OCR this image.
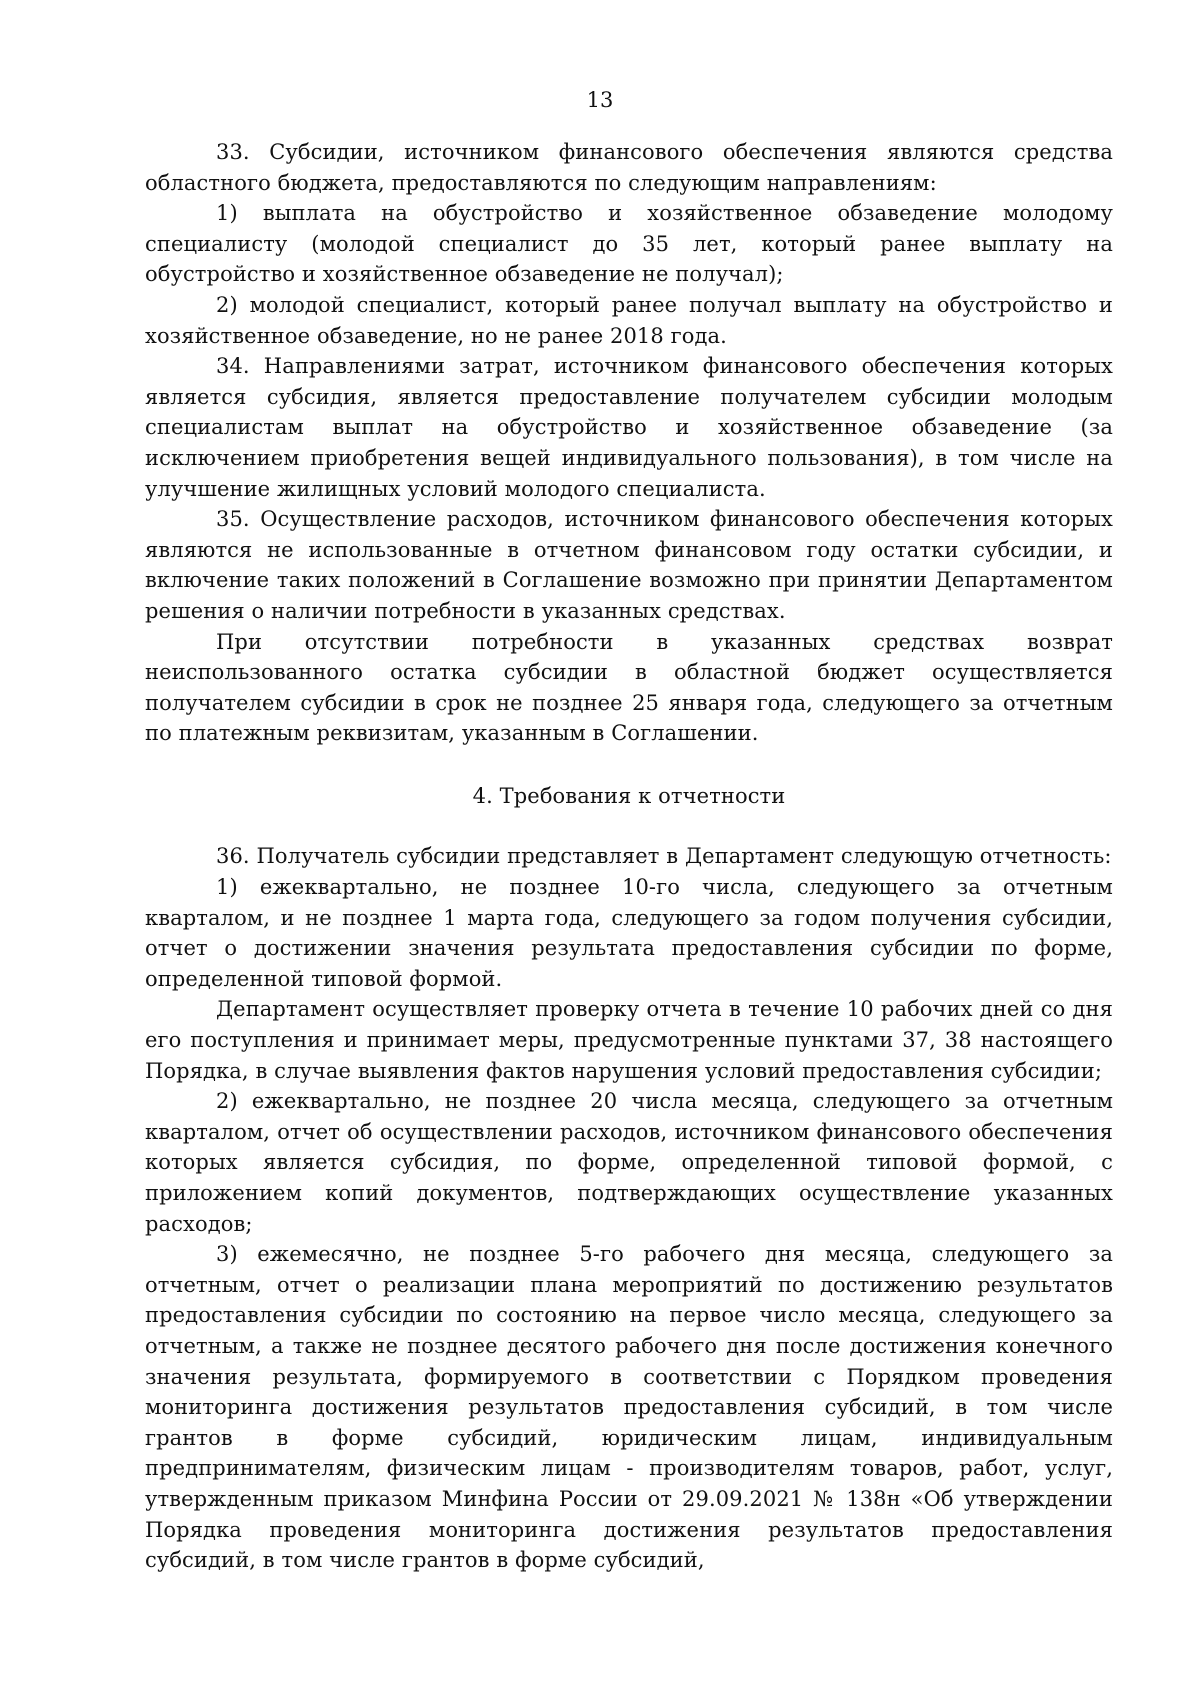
13

33. Субсидии, источником финансового обеспечения являются средства областного бюджета, предоставляются по следующим направлениям:

1) выплата на обустройство и хозяйственное обзаведение молодому специалисту (молодой специалист до 35 лет, который ранее выплату на обустройство и хозяйственное обзаведение не получал);

2) молодой специалист, который ранее получал выплату на обустройство и хозяйственное обзаведение, но не ранее 2018 года.

34. Направлениями затрат, источником финансового обеспечения которых является субсидия, является предоставление получателем субсидии молодым специалистам выплат на обустройство и хозяйственное обзаведение (за исключением приобретения вещей индивидуального пользования), в том числе на улучшение жилищных условий молодого специалиста.

35. Осуществление расходов, источником финансового обеспечения которых являются не использованные в отчетном финансовом году остатки субсидии, и включение таких положений в Соглашение возможно при принятии Департаментом решения о наличии потребности в указанных средствах.

При отсутствии потребности в указанных средствах возврат неиспользованного остатка субсидии в областной бюджет осуществляется получателем субсидии в срок не позднее 25 января года, следующего за отчетным по платежным реквизитам, указанным в Соглашении.

4. Требования к отчетности

36. Получатель субсидии представляет в Департамент следующую отчетность:

1) ежеквартально, не позднее 10-го числа, следующего за отчетным кварталом, и не позднее 1 марта года, следующего за годом получения субсидии, отчет о достижении значения результата предоставления субсидии по форме, определенной типовой формой.

Департамент осуществляет проверку отчета в течение 10 рабочих дней со дня его поступления и принимает меры, предусмотренные пунктами 37, 38 настоящего Порядка, в случае выявления фактов нарушения условий предоставления субсидии;

2) ежеквартально, не позднее 20 числа месяца, следующего за отчетным кварталом, отчет об осуществлении расходов, источником финансового обеспечения которых является субсидия, по форме, определенной типовой формой, с приложением копий документов, подтверждающих осуществление указанных расходов;

3) ежемесячно, не позднее 5-го рабочего дня месяца, следующего за отчетным, отчет о реализации плана мероприятий по достижению результатов предоставления субсидии по состоянию на первое число месяца, следующего за отчетным, а также не позднее десятого рабочего дня после достижения конечного значения результата, формируемого в соответствии с Порядком проведения мониторинга достижения результатов предоставления субсидий, в том числе грантов в форме субсидий, юридическим лицам, индивидуальным предпринимателям, физическим лицам - производителям товаров, работ, услуг, утвержденным приказом Минфина России от 29.09.2021 № 138н «Об утверждении Порядка проведения мониторинга достижения результатов предоставления субсидий, в том числе грантов в форме субсидий,
